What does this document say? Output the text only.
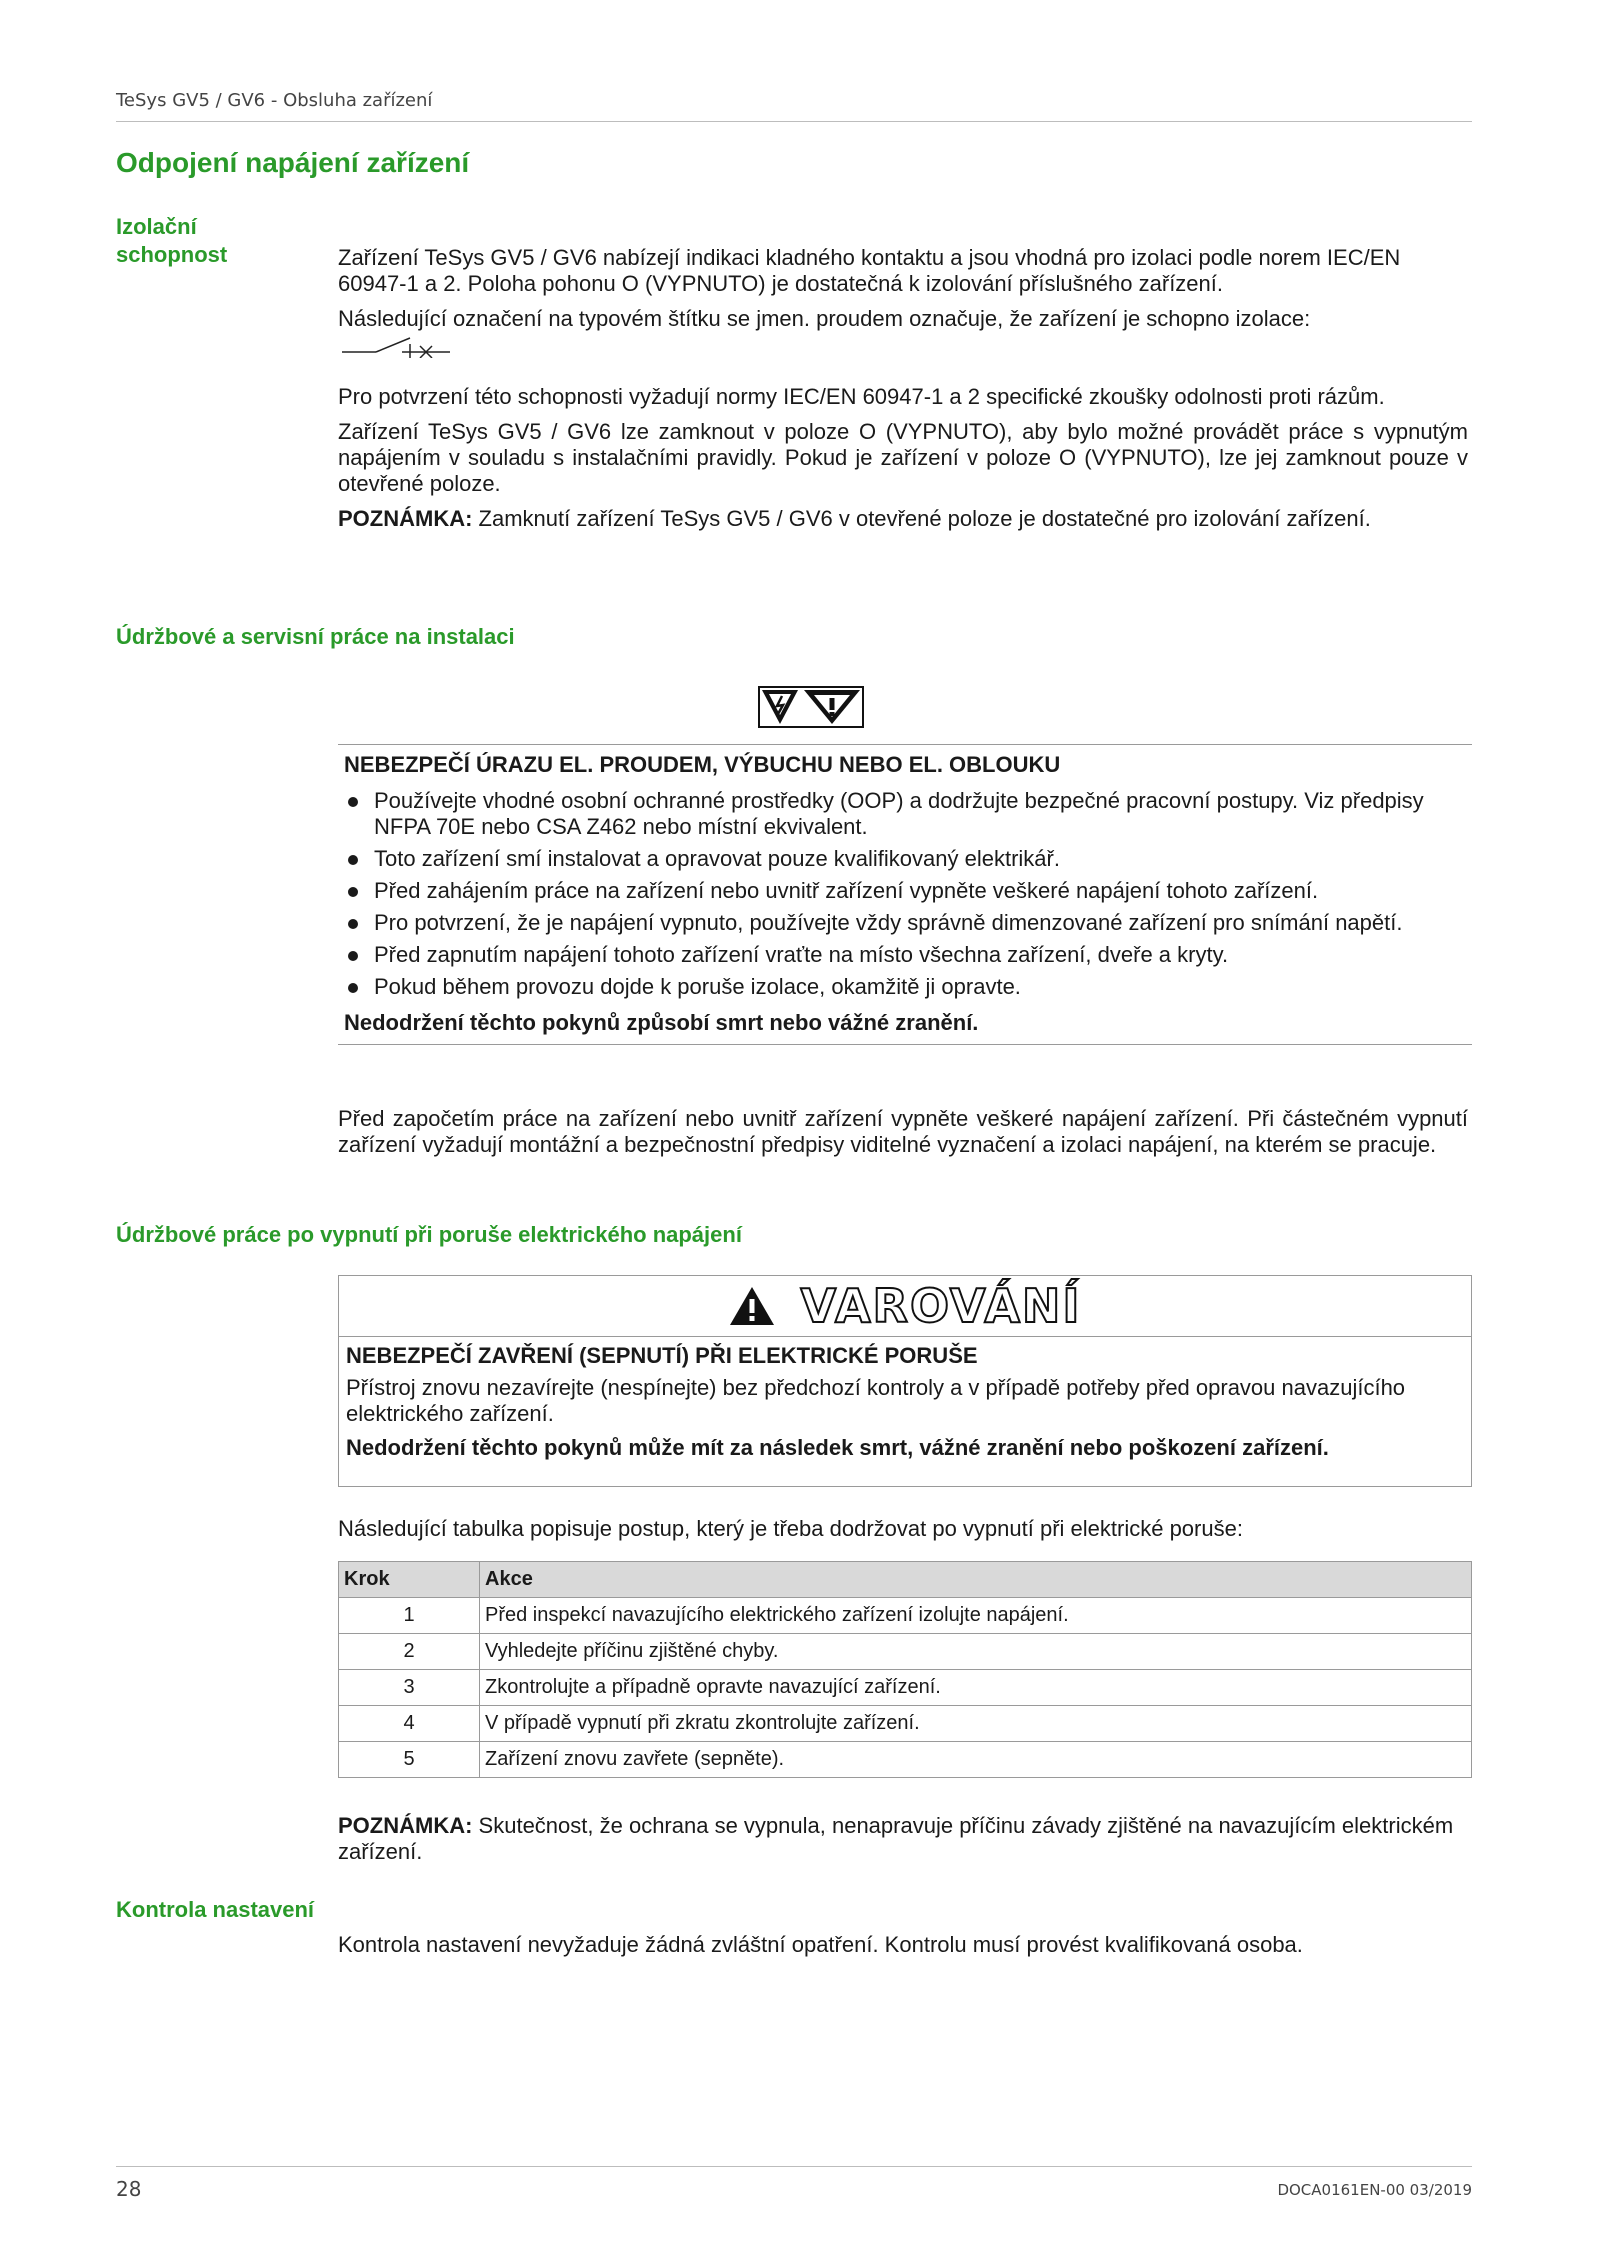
TeSys GV5 / GV6 - Obsluha zařízení
Odpojení napájení zařízení
Izolační
schopnost	Zařízení TeSys GV5 / GV6 nabízejí indikaci kladného kontaktu a jsou vhodná pro izolaci podle norem IEC/EN 60947-1 a 2. Poloha pohonu O (VYPNUTO) je dostatečná k izolování příslušného zařízení.

Následující označení na typovém štítku se jmen. proudem označuje, že zařízení je schopno izolace:

Pro potvrzení této schopnosti vyžadují normy IEC/EN 60947-1 a 2 specifické zkoušky odolnosti proti rázům.

Zařízení TeSys GV5 / GV6 lze zamknout v poloze O (VYPNUTO), aby bylo možné provádět práce s vypnutým napájením v souladu s instalačními pravidly. Pokud je zařízení v poloze O (VYPNUTO), lze jej zamknout pouze v otevřené poloze.

POZNÁMKA: Zamknutí zařízení TeSys GV5 / GV6 v otevřené poloze je dostatečné pro izolování zařízení.

Údržbové a servisní práce na instalaci
NEBEZPEČÍ ÚRAZU EL. PROUDEM, VÝBUCHU NEBO EL. OBLOUKU
Používejte vhodné osobní ochranné prostředky (OOP) a dodržujte bezpečné pracovní postupy. Viz předpisy NFPA 70E nebo CSA Z462 nebo místní ekvivalent.
Toto zařízení smí instalovat a opravovat pouze kvalifikovaný elektrikář.
Před zahájením práce na zařízení nebo uvnitř zařízení vypněte veškeré napájení tohoto zařízení.
Pro potvrzení, že je napájení vypnuto, používejte vždy správně dimenzované zařízení pro snímání napětí.
Před zapnutím napájení tohoto zařízení vraťte na místo všechna zařízení, dveře a kryty.
Pokud během provozu dojde k poruše izolace, okamžitě ji opravte.
Nedodržení těchto pokynů způsobí smrt nebo vážné zranění.
Před započetím práce na zařízení nebo uvnitř zařízení vypněte veškeré napájení zařízení. Při částečném vypnutí zařízení vyžadují montážní a bezpečnostní předpisy viditelné vyznačení a izolaci napájení, na kterém se pracuje.
Údržbové práce po vypnutí při poruše elektrického napájení
VAROVÁNÍ
NEBEZPEČÍ ZAVŘENÍ (SEPNUTÍ) PŘI ELEKTRICKÉ PORUŠE

Přístroj znovu nezavírejte (nespínejte) bez předchozí kontroly a v případě potřeby před opravou navazujícího elektrického zařízení.

Nedodržení těchto pokynů může mít za následek smrt, vážné zranění nebo poškození zařízení.

Následující tabulka popisuje postup, který je třeba dodržovat po vypnutí při elektrické poruše:
Krok	Akce
1	Před inspekcí navazujícího elektrického zařízení izolujte napájení.
2	Vyhledejte příčinu zjištěné chyby.
3	Zkontrolujte a případně opravte navazující zařízení.
4	V případě vypnutí při zkratu zkontrolujte zařízení.
5	Zařízení znovu zavřete (sepněte).
POZNÁMKA: Skutečnost, že ochrana se vypnula, nenapravuje příčinu závady zjištěné na navazujícím elektrickém zařízení.
Kontrola nastavení
Kontrola nastavení nevyžaduje žádná zvláštní opatření. Kontrolu musí provést kvalifikovaná osoba.
28	DOCA0161EN-00 03/2019
